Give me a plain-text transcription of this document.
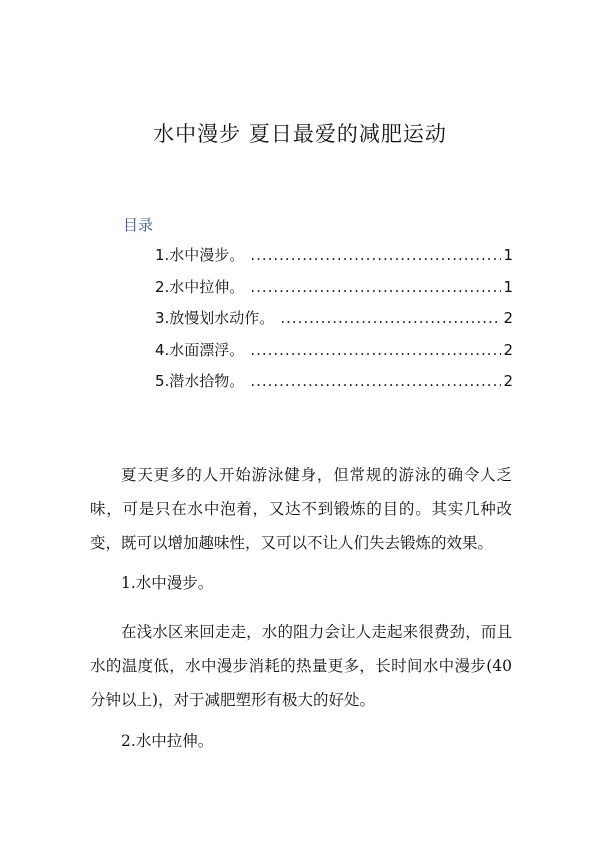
水中漫步 夏日最爱的减肥运动
目录
1.水中漫步。 .....	1
2.水中拉伸。 .....	1
3.放慢划水动作。 .....	2
4.水面漂浮。 .....	2
5.潜水拾物。 .....	2

夏天更多的人开始游泳健身，但常规的游泳的确令人乏味，可是只在水中泡着，又达不到锻炼的目的。其实几种改变，既可以增加趣味性，又可以不让人们失去锻炼的效果。

1.水中漫步。

在浅水区来回走走，水的阻力会让人走起来很费劲，而且水的温度低，水中漫步消耗的热量更多，长时间水中漫步(40分钟以上)，对于减肥塑形有极大的好处。

2.水中拉伸。
